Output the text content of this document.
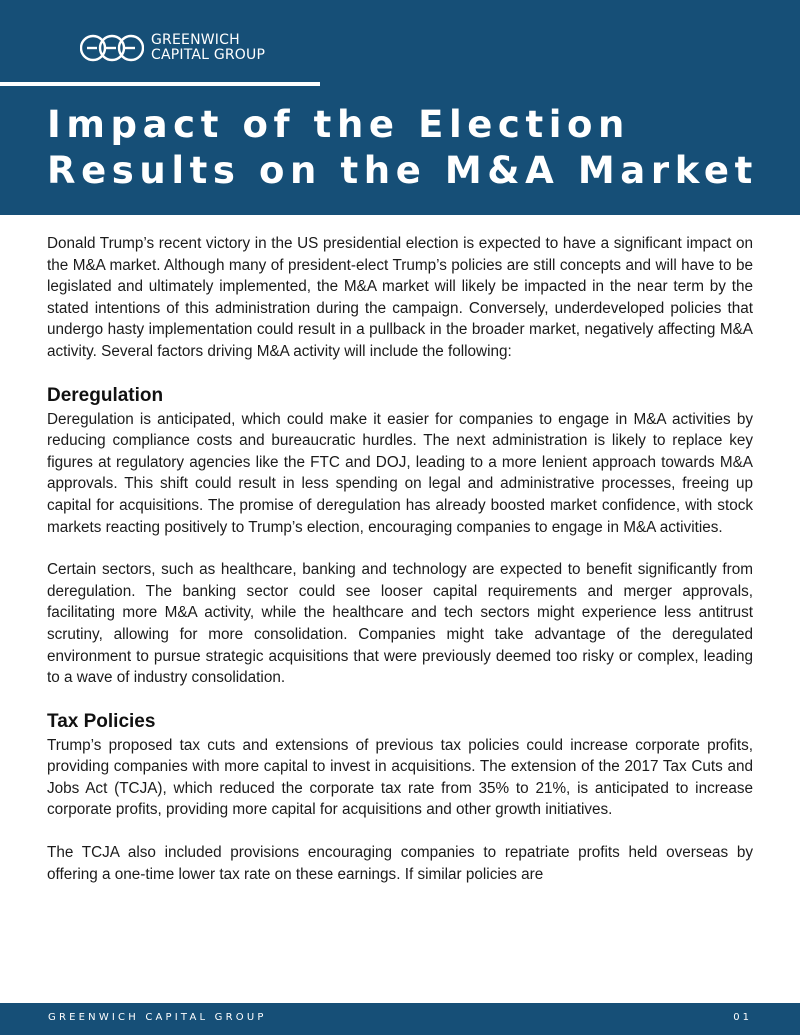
GREENWICH
CAPITAL GROUP
Impact of the Election
Results on the M&A Market

Donald Trump’s recent victory in the US presidential election is expected to have a significant impact on the M&A market. Although many of president-elect Trump’s policies are still concepts and will have to be legislated and ultimately implemented, the M&A market will likely be impacted in the near term by the stated intentions of this administration during the campaign. Conversely, underdeveloped policies that undergo hasty implementation could result in a pullback in the broader market, negatively affecting M&A activity. Several factors driving M&A activity will include the following:

Deregulation

Deregulation is anticipated, which could make it easier for companies to engage in M&A activities by reducing compliance costs and bureaucratic hurdles. The next administration is likely to replace key figures at regulatory agencies like the FTC and DOJ, leading to a more lenient approach towards M&A approvals. This shift could result in less spending on legal and administrative processes, freeing up capital for acquisitions. The promise of deregulation has already boosted market confidence, with stock markets reacting positively to Trump’s election, encouraging companies to engage in M&A activities.

Certain sectors, such as healthcare, banking and technology are expected to benefit significantly from deregulation. The banking sector could see looser capital requirements and merger approvals, facilitating more M&A activity, while the healthcare and tech sectors might experience less antitrust scrutiny, allowing for more consolidation. Companies might take advantage of the deregulated environment to pursue strategic acquisitions that were previously deemed too risky or complex, leading to a wave of industry consolidation.

Tax Policies

Trump’s proposed tax cuts and extensions of previous tax policies could increase corporate profits, providing companies with more capital to invest in acquisitions. The extension of the 2017 Tax Cuts and Jobs Act (TCJA), which reduced the corporate tax rate from 35% to 21%, is anticipated to increase corporate profits, providing more capital for acquisitions and other growth initiatives.

The TCJA also included provisions encouraging companies to repatriate profits held overseas by offering a one-time lower tax rate on these earnings. If similar policies are

GREENWICH CAPITAL GROUP	01
